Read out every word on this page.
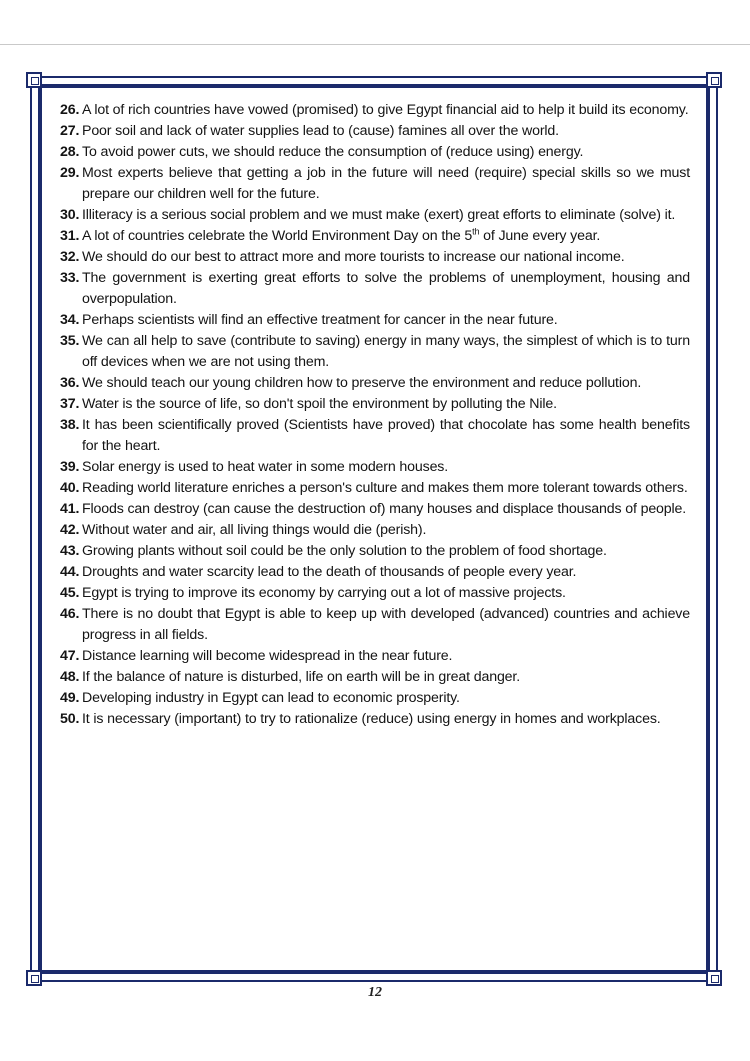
26. A lot of rich countries have vowed (promised) to give Egypt financial aid to help it build its economy.
27. Poor soil and lack of water supplies lead to (cause) famines all over the world.
28. To avoid power cuts, we should reduce the consumption of (reduce using) energy.
29. Most experts believe that getting a job in the future will need (require) special skills so we must prepare our children well for the future.
30. Illiteracy is a serious social problem and we must make (exert) great efforts to eliminate (solve) it.
31. A lot of countries celebrate the World Environment Day on the 5th of June every year.
32. We should do our best to attract more and more tourists to increase our national income.
33. The government is exerting great efforts to solve the problems of unemployment, housing and overpopulation.
34. Perhaps scientists will find an effective treatment for cancer in the near future.
35. We can all help to save (contribute to saving) energy in many ways, the simplest of which is to turn off devices when we are not using them.
36. We should teach our young children how to preserve the environment and reduce pollution.
37. Water is the source of life, so don't spoil the environment by polluting the Nile.
38. It has been scientifically proved (Scientists have proved) that chocolate has some health benefits for the heart.
39. Solar energy is used to heat water in some modern houses.
40. Reading world literature enriches a person's culture and makes them more tolerant towards others.
41. Floods can destroy (can cause the destruction of) many houses and displace thousands of people.
42. Without water and air, all living things would die (perish).
43. Growing plants without soil could be the only solution to the problem of food shortage.
44. Droughts and water scarcity lead to the death of thousands of people every year.
45. Egypt is trying to improve its economy by carrying out a lot of massive projects.
46. There is no doubt that Egypt is able to keep up with developed (advanced) countries and achieve progress in all fields.
47. Distance learning will become widespread in the near future.
48. If the balance of nature is disturbed, life on earth will be in great danger.
49. Developing industry in Egypt can lead to economic prosperity.
50. It is necessary (important) to try to rationalize (reduce) using energy in homes and workplaces.
12
